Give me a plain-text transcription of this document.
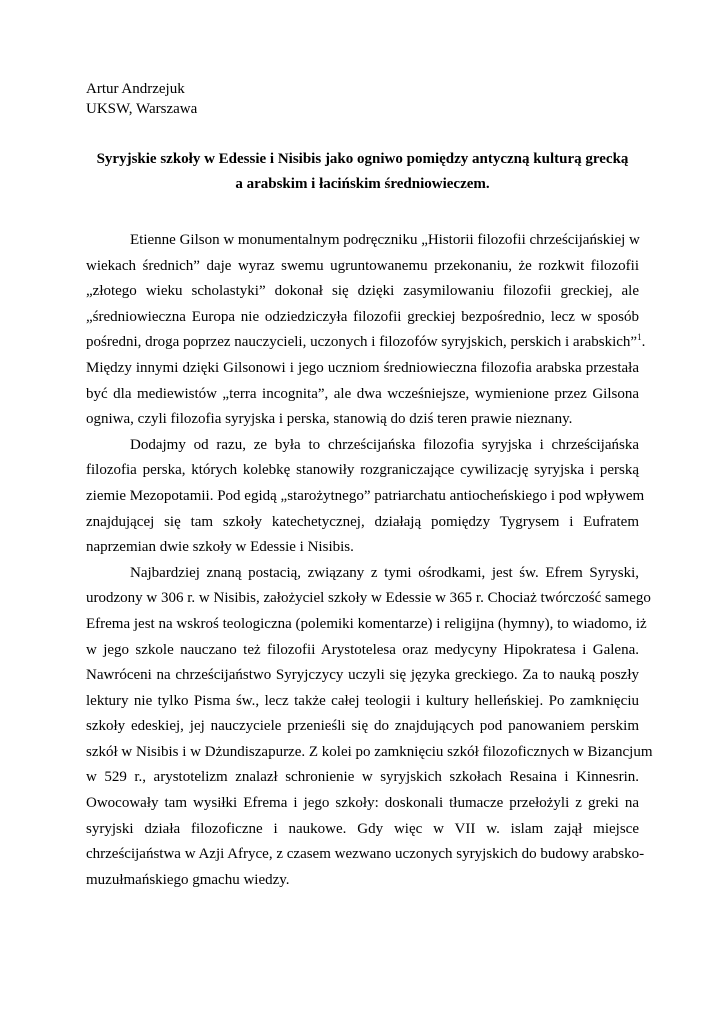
Artur Andrzejuk
UKSW, Warszawa
Syryjskie szkoły w Edessie i Nisibis jako ogniwo pomiędzy antyczną kulturą grecką
a arabskim i łacińskim średniowieczem.
Etienne Gilson w monumentalnym podręczniku „Historii filozofii chrześcijańskiej w
wiekach średnich” daje wyraz swemu ugruntowanemu przekonaniu, że rozkwit filozofii
„złotego wieku scholastyki” dokonał się dzięki zasymilowaniu filozofii greckiej, ale
„średniowieczna Europa nie odziedziczyła filozofii greckiej bezpośrednio, lecz w sposób
pośredni, droga poprzez nauczycieli, uczonych i filozofów syryjskich, perskich i arabskich”$^1$.
Między innymi dzięki Gilsonowi i jego uczniom średniowieczna filozofia arabska przestała
być dla mediewistów „terra incognita”, ale dwa wcześniejsze, wymienione przez Gilsona
ogniwa, czyli filozofia syryjska i perska, stanowią do dziś teren prawie nieznany.
Dodajmy od razu, ze była to chrześcijańska filozofia syryjska i chrześcijańska
filozofia perska, których kolebkę stanowiły rozgraniczające cywilizację syryjska i perską
ziemie Mezopotamii. Pod egidą „starożytnego” patriarchatu antiocheńskiego i pod wpływem
znajdującej się tam szkoły katechetycznej, działają pomiędzy Tygrysem i Eufratem
naprzemian dwie szkoły w Edessie i Nisibis.
Najbardziej znaną postacią, związany z tymi ośrodkami, jest św. Efrem Syryski,
urodzony w 306 r. w Nisibis, założyciel szkoły w Edessie w 365 r. Chociaż twórczość samego
Efrema jest na wskroś teologiczna (polemiki komentarze) i religijna (hymny), to wiadomo, iż
w jego szkole nauczano też filozofii Arystotelesa oraz medycyny Hipokratesa i Galena.
Nawróceni na chrześcijaństwo Syryjczycy uczyli się języka greckiego. Za to nauką poszły
lektury nie tylko Pisma św., lecz także całej teologii i kultury helleńskiej. Po zamknięciu
szkoły edeskiej, jej nauczyciele przenieśli się do znajdujących pod panowaniem perskim
szkół w Nisibis i w Dżundiszapurze. Z kolei po zamknięciu szkół filozoficznych w Bizancjum
w 529 r., arystotelizm znalazł schronienie w syryjskich szkołach Resaina i Kinnesrin.
Owocowały tam wysiłki Efrema i jego szkoły: doskonali tłumacze przełożyli z greki na
syryjski działa filozoficzne i naukowe. Gdy więc w VII w. islam zajął miejsce
chrześcijaństwa w Azji Afryce, z czasem wezwano uczonych syryjskich do budowy arabsko-
muzułmańskiego gmachu wiedzy.
